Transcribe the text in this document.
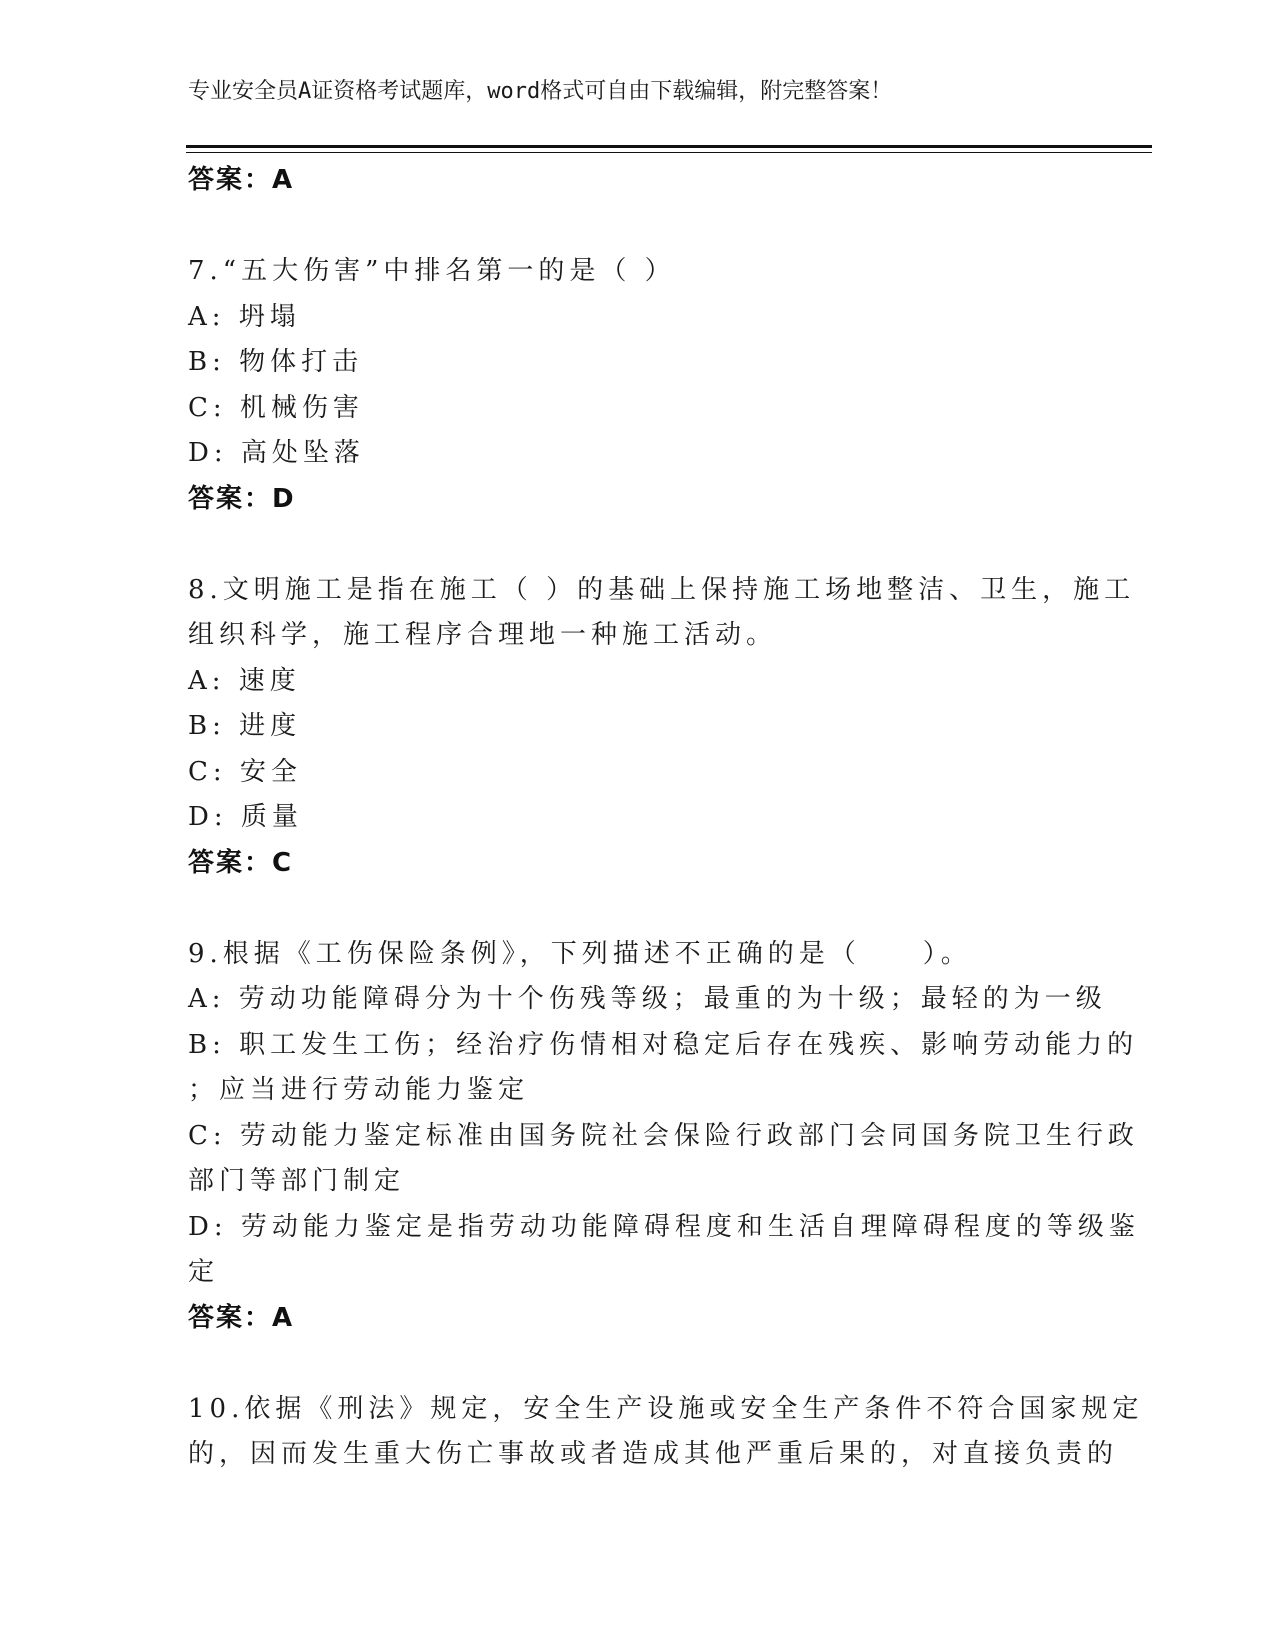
专业安全员A证资格考试题库，word格式可自由下载编辑，附完整答案！

答案：A

7.“五大伤害”中排名第一的是（ ）

A: 坍塌

B: 物体打击

C: 机械伤害

D: 高处坠落

答案：D

8.文明施工是指在施工（ ）的基础上保持施工场地整洁、卫生，施工

组织科学，施工程序合理地一种施工活动。

A: 速度

B: 进度

C: 安全

D: 质量

答案：C

9.根据《工伤保险条例》，下列描述不正确的是（　　）。

A: 劳动功能障碍分为十个伤残等级；最重的为十级；最轻的为一级

B: 职工发生工伤；经治疗伤情相对稳定后存在残疾、影响劳动能力的

；应当进行劳动能力鉴定

C: 劳动能力鉴定标准由国务院社会保险行政部门会同国务院卫生行政

部门等部门制定

D: 劳动能力鉴定是指劳动功能障碍程度和生活自理障碍程度的等级鉴

定

答案：A

10.依据《刑法》规定，安全生产设施或安全生产条件不符合国家规定

的，因而发生重大伤亡事故或者造成其他严重后果的，对直接负责的
